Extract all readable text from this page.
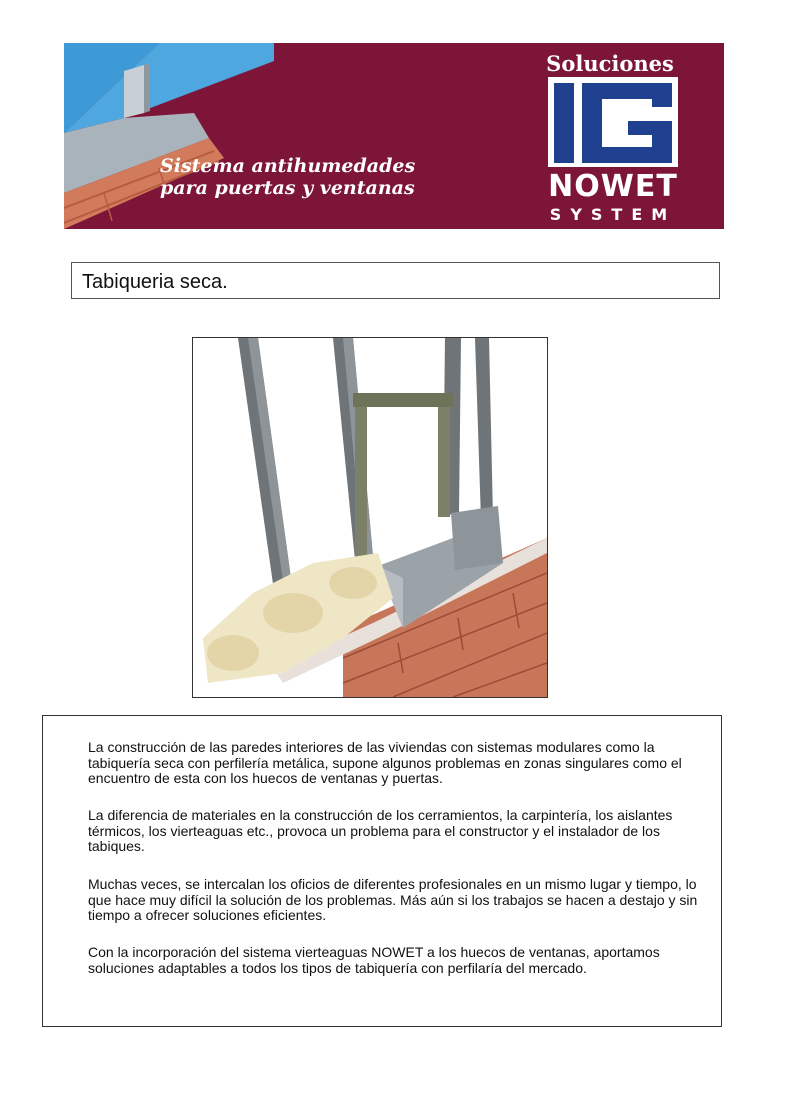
Soluciones
Sistema antihumedades
para puertas y ventanas	NOWET
SYSTEM
Tabiqueria seca.

La construcción de las paredes interiores de las viviendas con sistemas modulares como la tabiquería seca con perfilería metálica, supone algunos problemas en zonas singulares como el encuentro de esta con los huecos de ventanas y puertas.

La diferencia de materiales en la construcción de los cerramientos, la carpintería, los aislantes térmicos, los vierteaguas etc., provoca un problema para el constructor y el instalador de los tabiques.

Muchas veces, se intercalan los oficios de diferentes profesionales en un mismo lugar y tiempo, lo que hace muy difícil la solución de los problemas. Más aún si los trabajos se hacen a destajo y sin tiempo a ofrecer soluciones eficientes.

Con la incorporación del sistema vierteaguas NOWET a los huecos de ventanas, aportamos soluciones adaptables a todos los tipos de tabiquería con perfilaría del mercado.
